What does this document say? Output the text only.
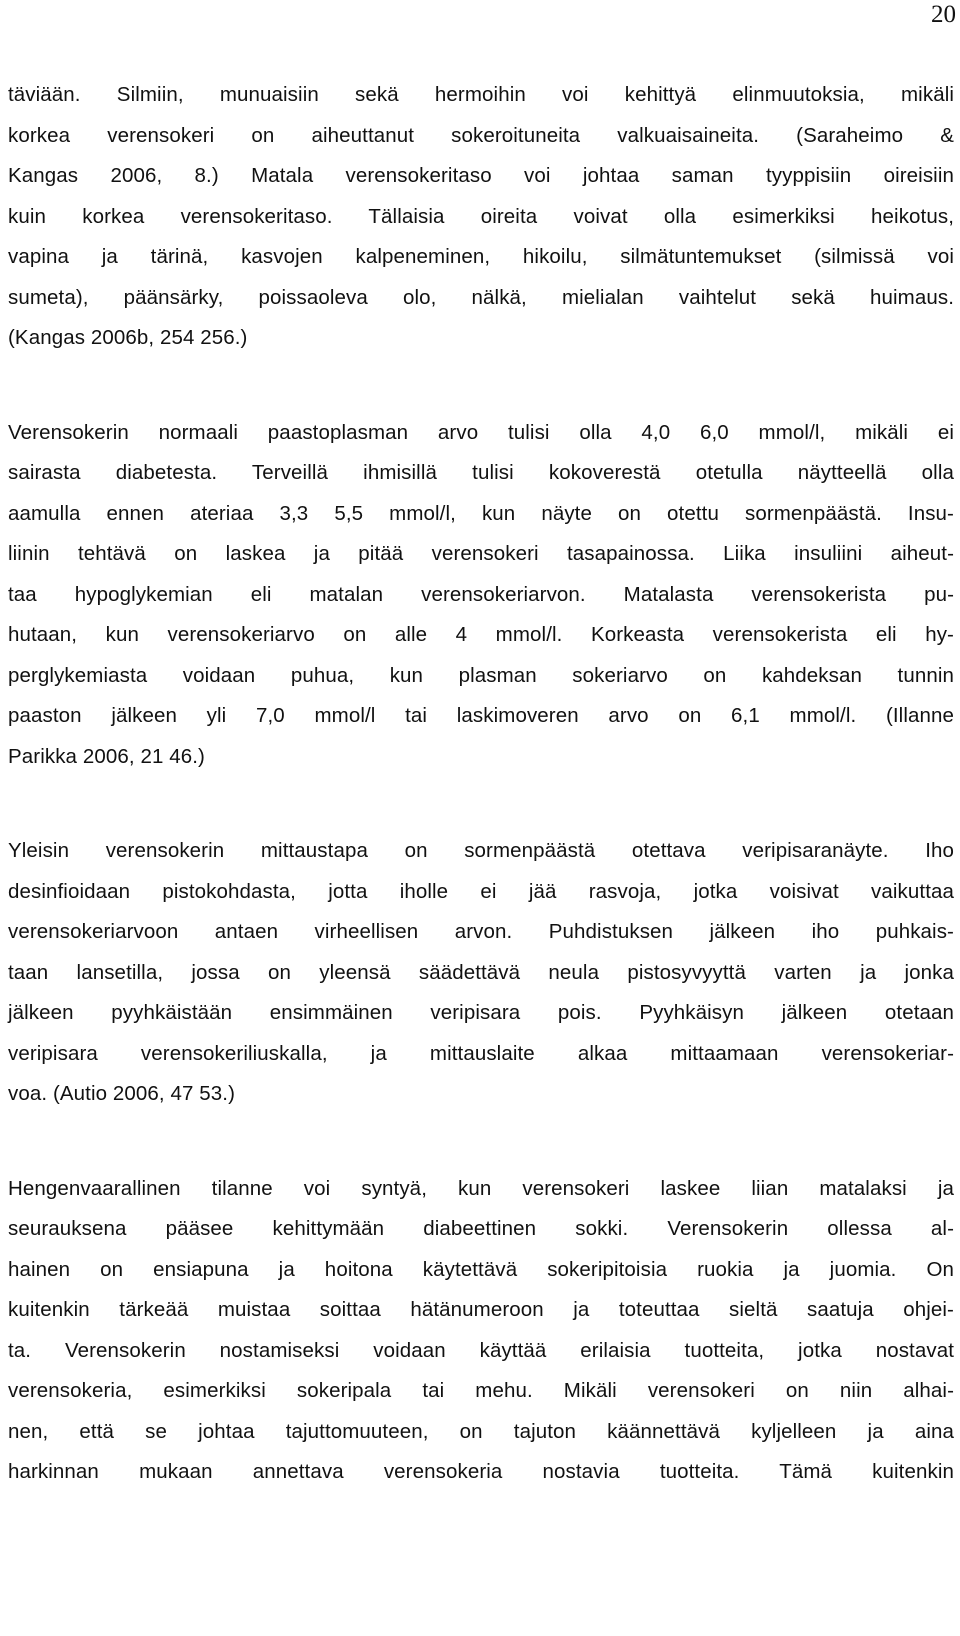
20

täviään. Silmiin, munuaisiin sekä hermoihin voi kehittyä elinmuutoksia, mikäli
korkea verensokeri on aiheuttanut sokeroituneita valkuaisaineita. (Saraheimo &
Kangas 2006, 8.) Matala verensokeritaso voi johtaa saman tyyppisiin oireisiin
kuin korkea verensokeritaso. Tällaisia oireita voivat olla esimerkiksi heikotus,
vapina ja tärinä, kasvojen kalpeneminen, hikoilu, silmätuntemukset (silmissä voi
sumeta), päänsärky, poissaoleva olo, nälkä, mielialan vaihtelut sekä huimaus.
(Kangas 2006b, 254 256.)

Verensokerin normaali paastoplasman arvo tulisi olla 4,0 6,0 mmol/l, mikäli ei
sairasta diabetesta. Terveillä ihmisillä tulisi kokoverestä otetulla näytteellä olla
aamulla ennen ateriaa 3,3 5,5 mmol/l, kun näyte on otettu sormenpäästä. Insu-
liinin tehtävä on laskea ja pitää verensokeri tasapainossa. Liika insuliini aiheut-
taa hypoglykemian eli matalan verensokeriarvon. Matalasta verensokerista pu-
hutaan, kun verensokeriarvo on alle 4 mmol/l. Korkeasta verensokerista eli hy-
perglykemiasta voidaan puhua, kun plasman sokeriarvo on kahdeksan tunnin
paaston jälkeen yli 7,0 mmol/l tai laskimoveren arvo on 6,1 mmol/l. (Illanne
Parikka 2006, 21 46.)

Yleisin verensokerin mittaustapa on sormenpäästä otettava veripisaranäyte. Iho
desinfioidaan pistokohdasta, jotta iholle ei jää rasvoja, jotka voisivat vaikuttaa
verensokeriarvoon antaen virheellisen arvon. Puhdistuksen jälkeen iho puhkais-
taan lansetilla, jossa on yleensä säädettävä neula pistosyvyyttä varten ja jonka
jälkeen pyyhkäistään ensimmäinen veripisara pois. Pyyhkäisyn jälkeen otetaan
veripisara verensokeriliuskalla, ja mittauslaite alkaa mittaamaan verensokeriar-
voa. (Autio 2006, 47 53.)

Hengenvaarallinen tilanne voi syntyä, kun verensokeri laskee liian matalaksi ja
seurauksena pääsee kehittymään diabeettinen sokki. Verensokerin ollessa al-
hainen on ensiapuna ja hoitona käytettävä sokeripitoisia ruokia ja juomia. On
kuitenkin tärkeää muistaa soittaa hätänumeroon ja toteuttaa sieltä saatuja ohjei-
ta. Verensokerin nostamiseksi voidaan käyttää erilaisia tuotteita, jotka nostavat
verensokeria, esimerkiksi sokeripala tai mehu. Mikäli verensokeri on niin alhai-
nen, että se johtaa tajuttomuuteen, on tajuton käännettävä kyljelleen ja aina
harkinnan mukaan annettava verensokeria nostavia tuotteita. Tämä kuitenkin
